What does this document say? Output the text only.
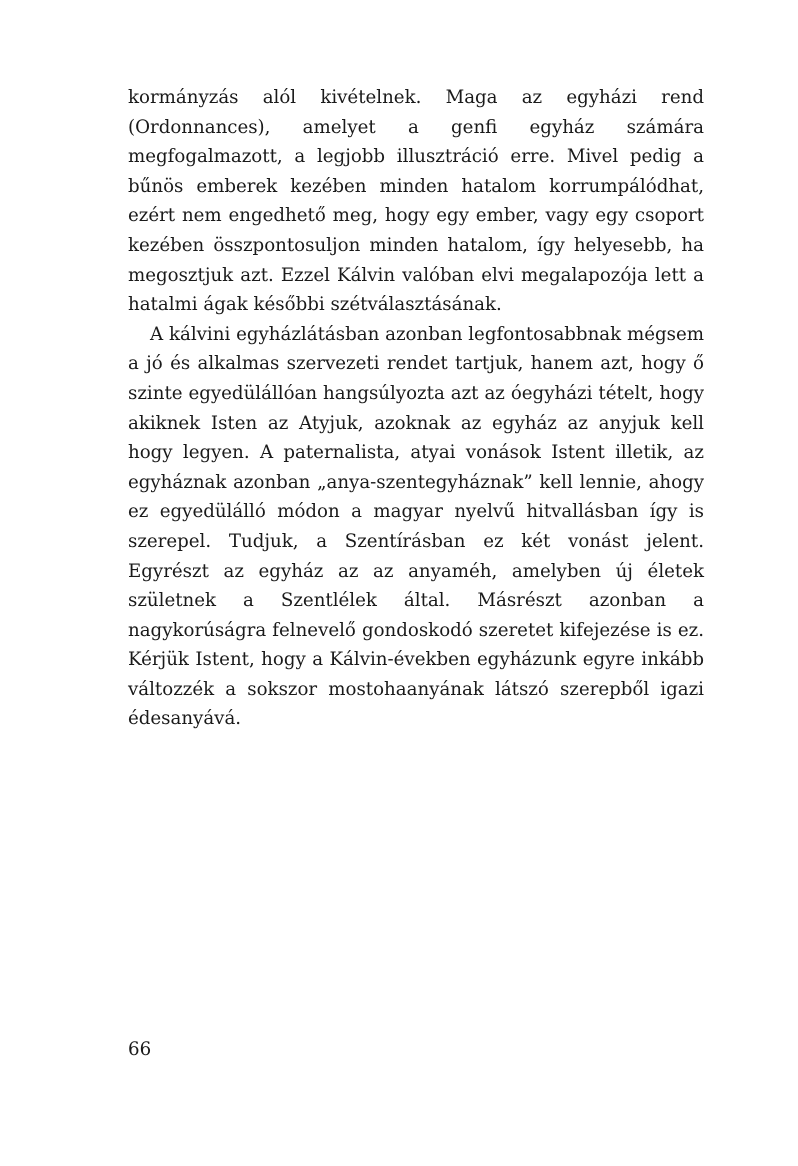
kormányzás alól kivételnek. Maga az egyházi rend (Ordonnances), amelyet a genfi egyház számára megfogalmazott, a legjobb illusztráció erre. Mivel pedig a bűnös emberek kezében minden hatalom korrumpálódhat, ezért nem engedhető meg, hogy egy ember, vagy egy csoport kezében összpontosuljon minden hatalom, így helyesebb, ha megosztjuk azt. Ezzel Kálvin valóban elvi megalapozója lett a hatalmi ágak későbbi szétválasztásának.

A kálvini egyházlátásban azonban legfontosabbnak mégsem a jó és alkalmas szervezeti rendet tartjuk, hanem azt, hogy ő szinte egyedülállóan hangsúlyozta azt az óegyházi tételt, hogy akiknek Isten az Atyjuk, azoknak az egyház az anyjuk kell hogy legyen. A paternalista, atyai vonások Istent illetik, az egyháznak azonban „anya-szentegyháznak” kell lennie, ahogy ez egyedülálló módon a magyar nyelvű hitvallásban így is szerepel. Tudjuk, a Szentírásban ez két vonást jelent. Egyrészt az egyház az az anyaméh, amelyben új életek születnek a Szentlélek által. Másrészt azonban a nagykorúságra felnevelő gondoskodó szeretet kifejezése is ez. Kérjük Istent, hogy a Kálvin-években egyházunk egyre inkább változzék a sokszor mostohaanyának látszó szerepből igazi édesanyává.

66
